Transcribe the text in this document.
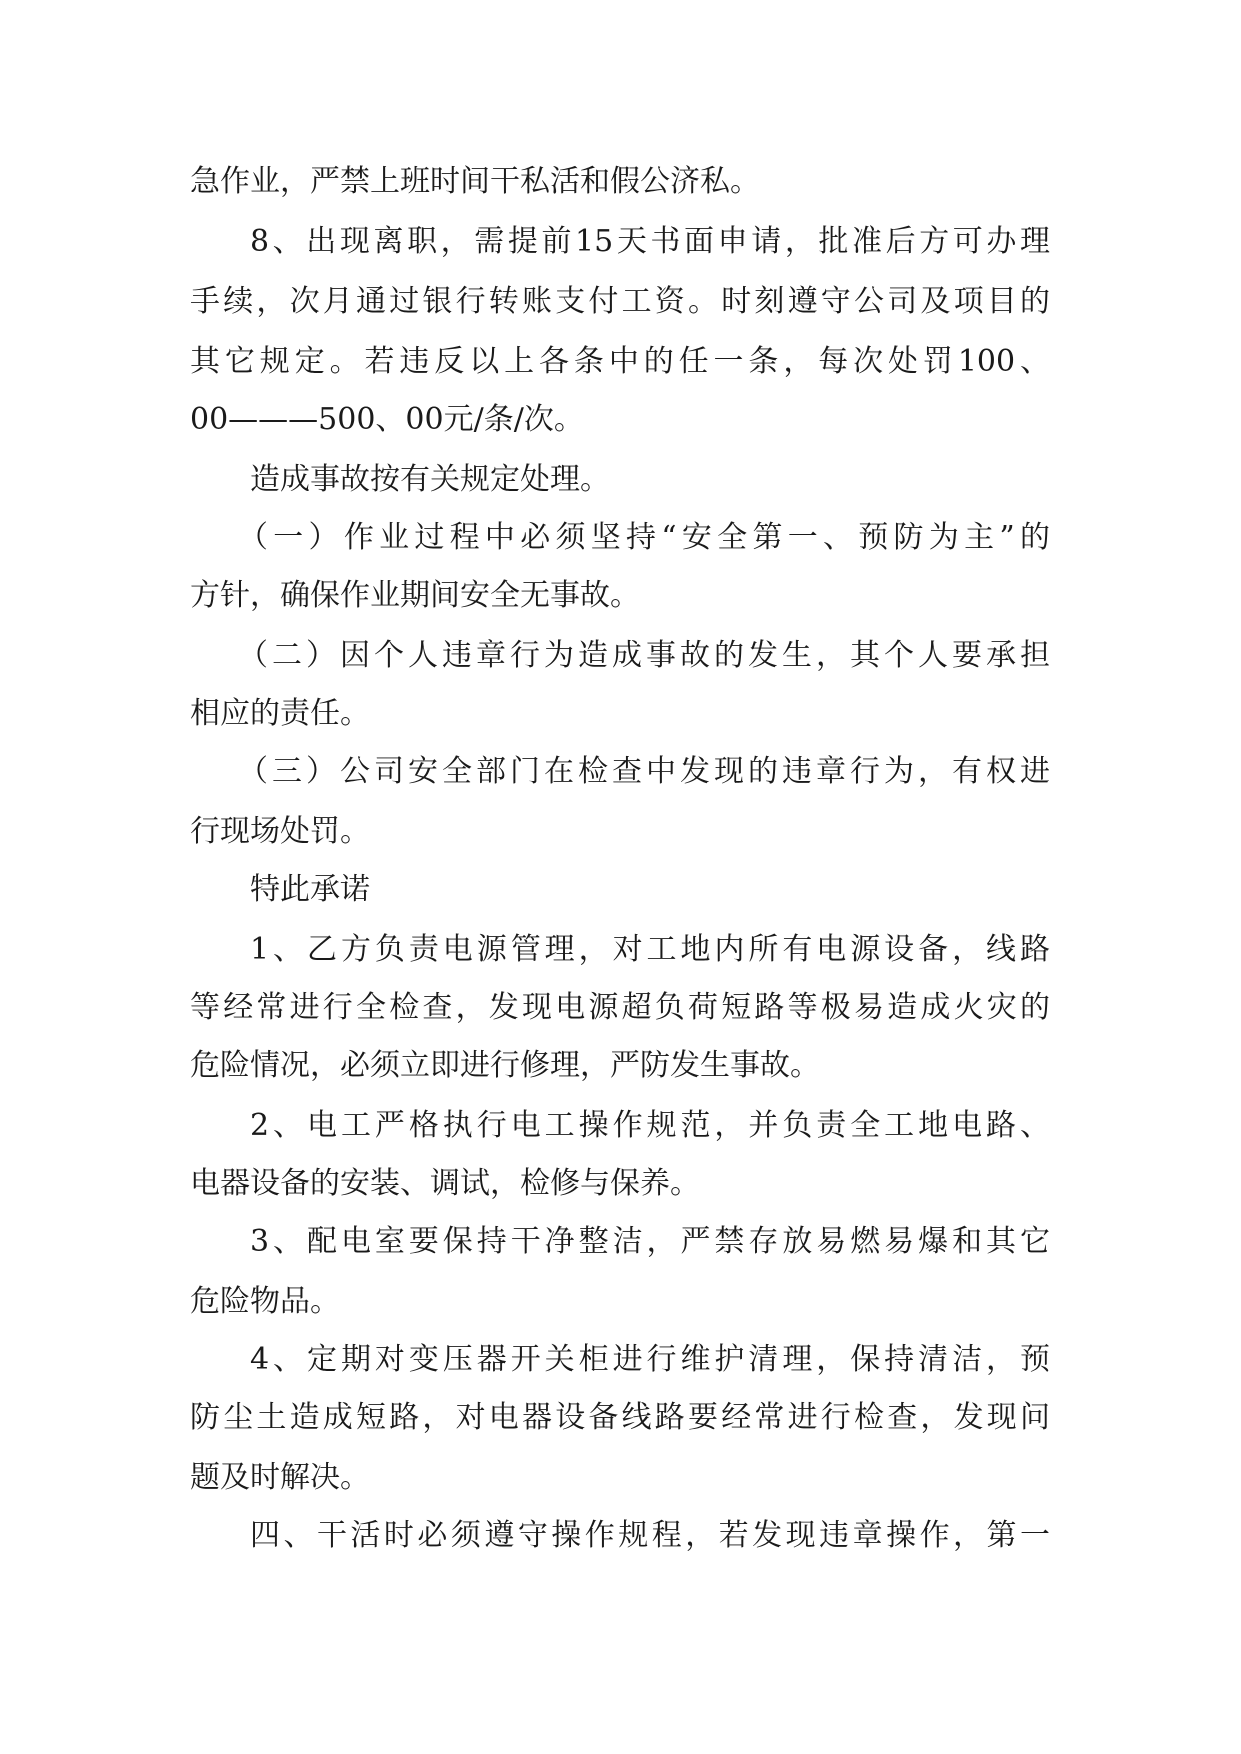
急作业，严禁上班时间干私活和假公济私。
8、出现离职，需提前15天书面申请，批准后方可办理
手续，次月通过银行转账支付工资。时刻遵守公司及项目的
其它规定。若违反以上各条中的任一条，每次处罚100、
00———500、00元/条/次。
造成事故按有关规定处理。
（一）作业过程中必须坚持“安全第一、预防为主”的
方针，确保作业期间安全无事故。
（二）因个人违章行为造成事故的发生，其个人要承担
相应的责任。
（三）公司安全部门在检查中发现的违章行为，有权进
行现场处罚。
特此承诺
1、乙方负责电源管理，对工地内所有电源设备，线路
等经常进行全检查，发现电源超负荷短路等极易造成火灾的
危险情况，必须立即进行修理，严防发生事故。
2、电工严格执行电工操作规范，并负责全工地电路、
电器设备的安装、调试，检修与保养。
3、配电室要保持干净整洁，严禁存放易燃易爆和其它
危险物品。
4、定期对变压器开关柜进行维护清理，保持清洁，预
防尘土造成短路，对电器设备线路要经常进行检查，发现问
题及时解决。
四、干活时必须遵守操作规程，若发现违章操作，第一
